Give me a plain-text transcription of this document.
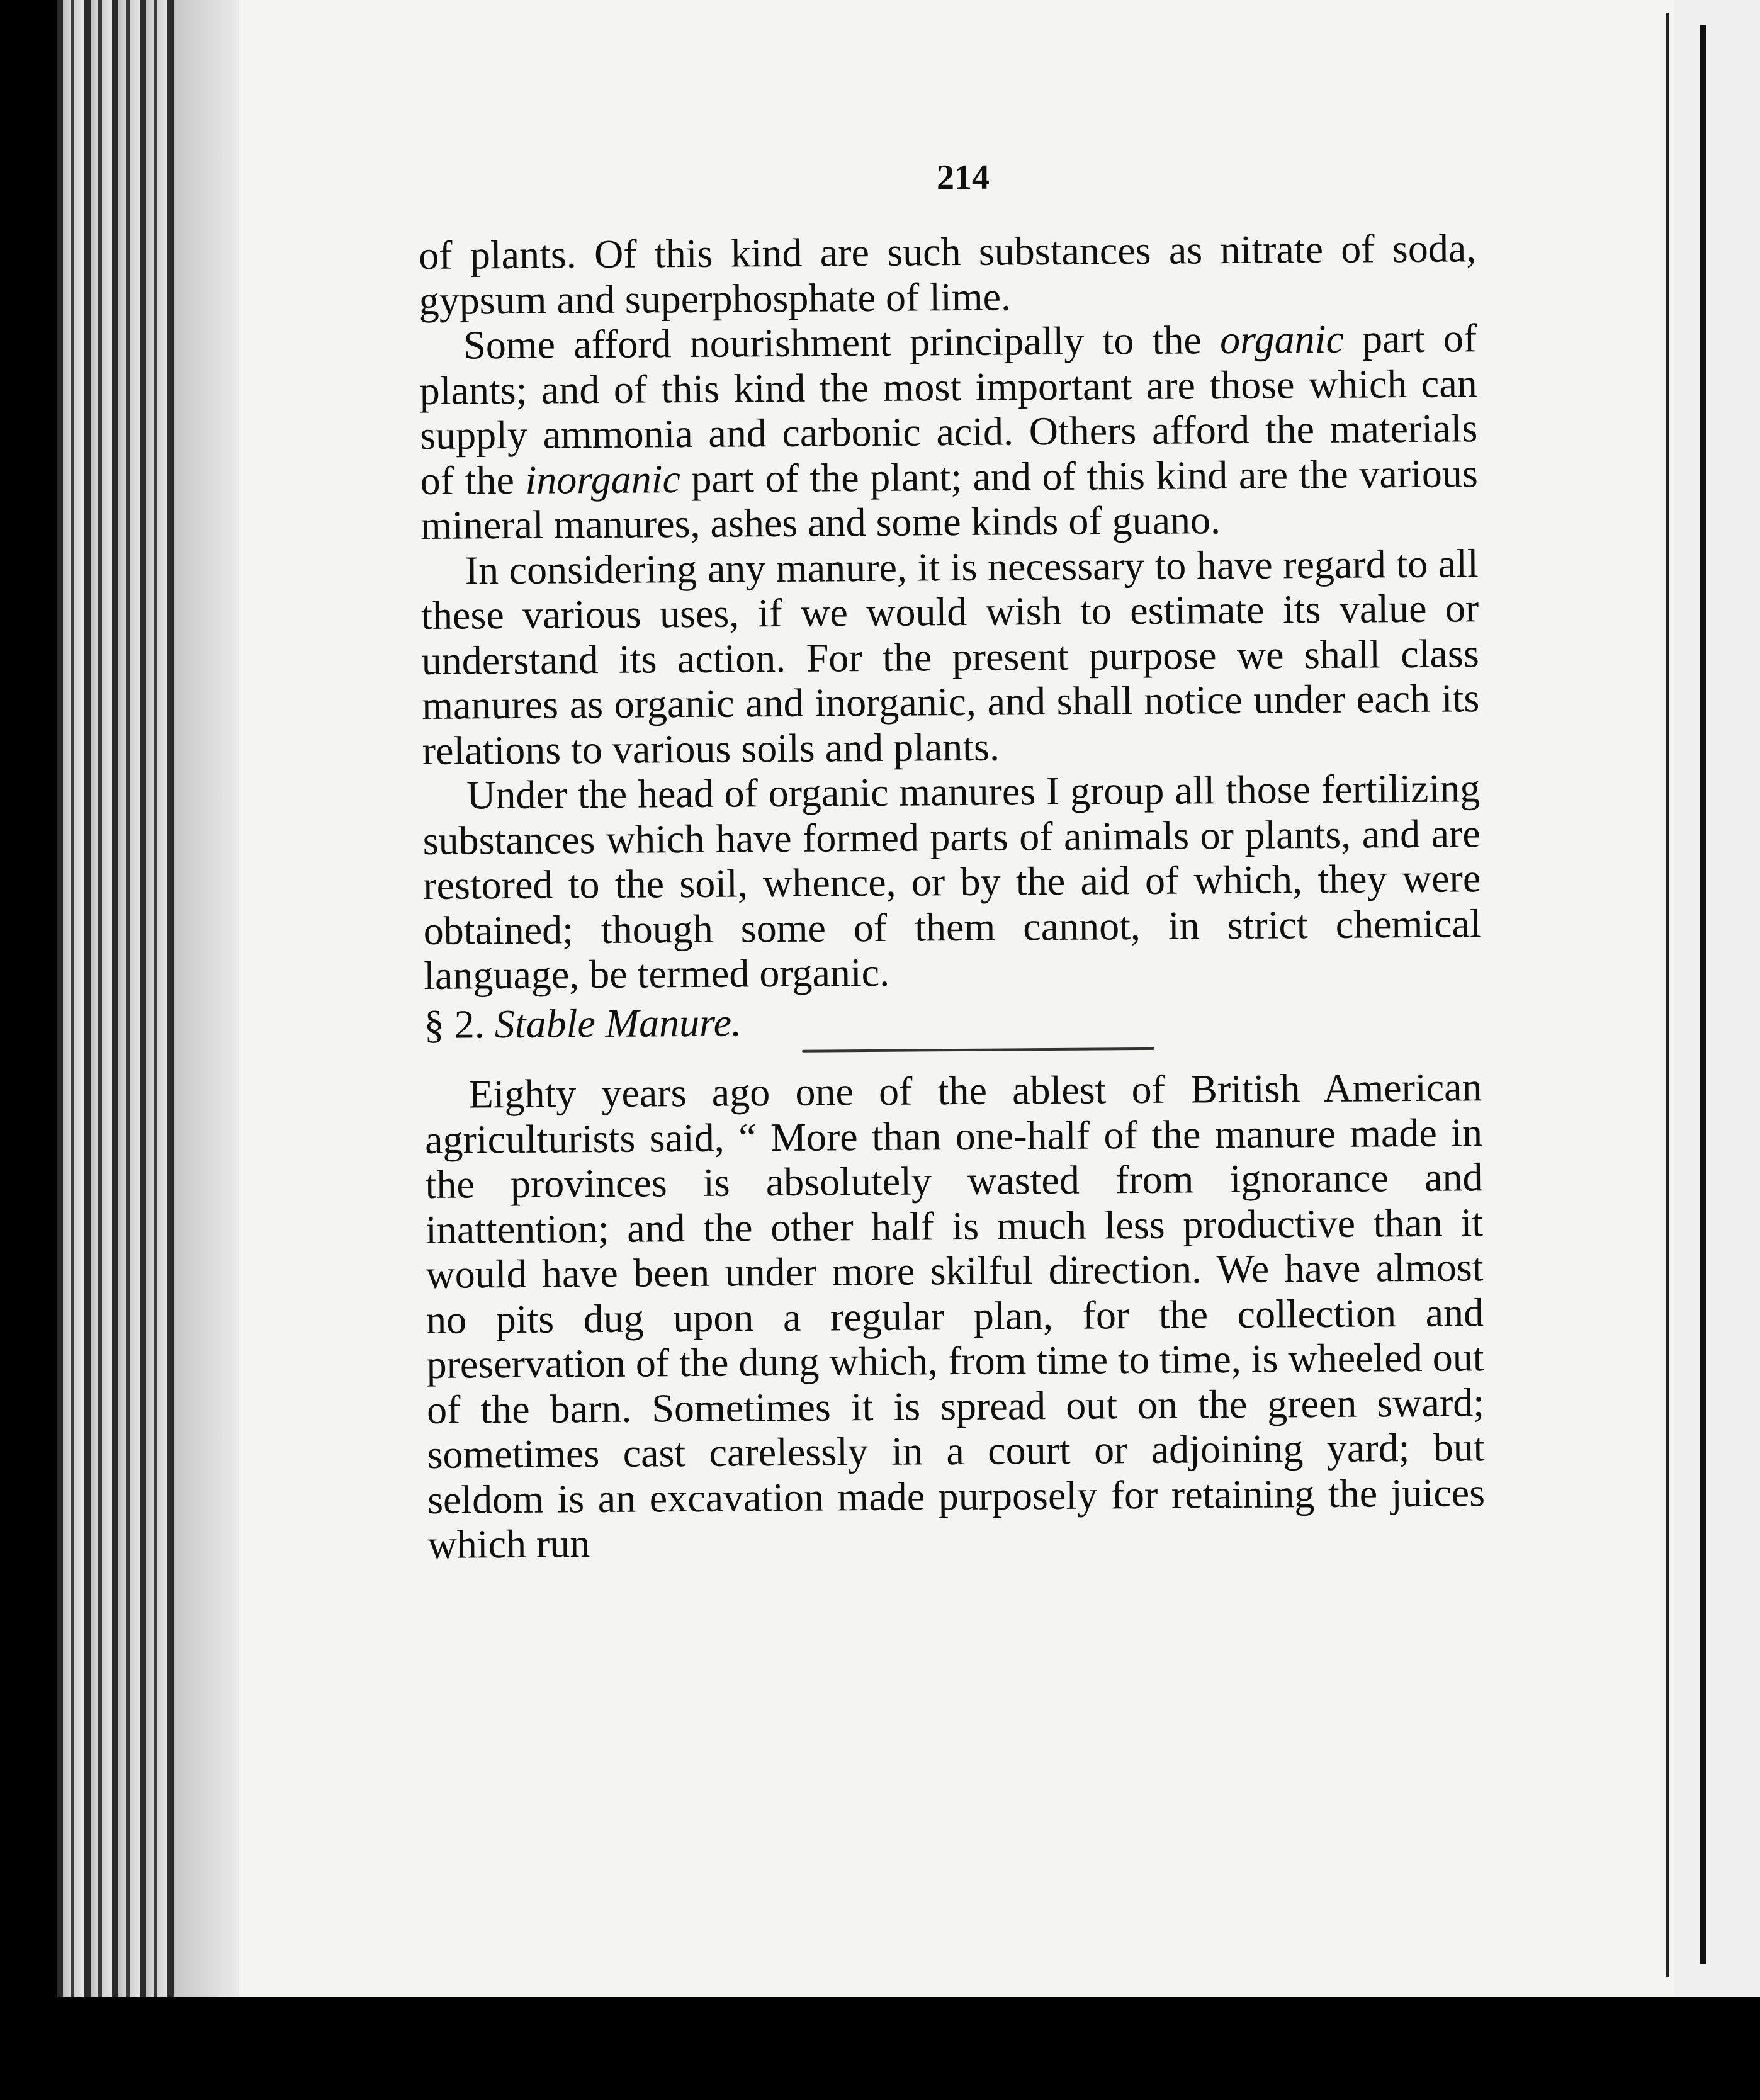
214

of plants. Of this kind are such substances as nitrate of soda, gypsum and superphosphate of lime.

Some afford nourishment principally to the organic part of plants; and of this kind the most important are those which can supply ammonia and carbonic acid. Others afford the materials of the inorganic part of the plant; and of this kind are the various mineral manures, ashes and some kinds of guano.

In considering any manure, it is necessary to have regard to all these various uses, if we would wish to estimate its value or understand its action. For the present purpose we shall class manures as organic and inorganic, and shall notice under each its relations to various soils and plants.

Under the head of organic manures I group all those fertilizing substances which have formed parts of animals or plants, and are restored to the soil, whence, or by the aid of which, they were obtained; though some of them cannot, in strict chemical language, be termed organic.

§ 2. Stable Manure.

Eighty years ago one of the ablest of British American agriculturists said, “ More than one-half of the manure made in the provinces is absolutely wasted from ignorance and inattention; and the other half is much less productive than it would have been under more skilful direction. We have almost no pits dug upon a regular plan, for the collection and preservation of the dung which, from time to time, is wheeled out of the barn. Sometimes it is spread out on the green sward; sometimes cast carelessly in a court or adjoining yard; but seldom is an excavation made purposely for retaining the juices which run
